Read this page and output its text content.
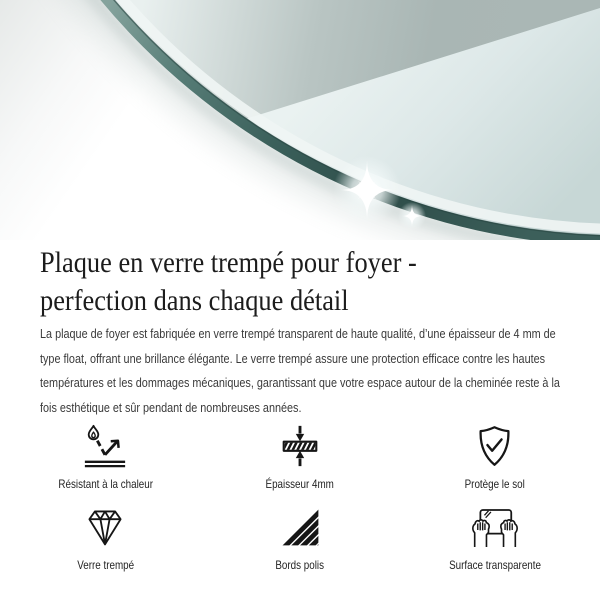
Plaque en verre trempé pour foyer -
perfection dans chaque détail

La plaque de foyer est fabriquée en verre trempé transparent de haute qualité, d’une épaisseur de 4 mm de type float, offrant une brillance élégante. Le verre trempé assure une protection efficace contre les hautes températures et les dommages mécaniques, garantissant que votre espace autour de la cheminée reste à la fois esthétique et sûr pendant de nombreuses années.

Résistant à la chaleur	Épaisseur 4mm	Protège le sol
Verre trempé	Bords polis	Surface transparente
